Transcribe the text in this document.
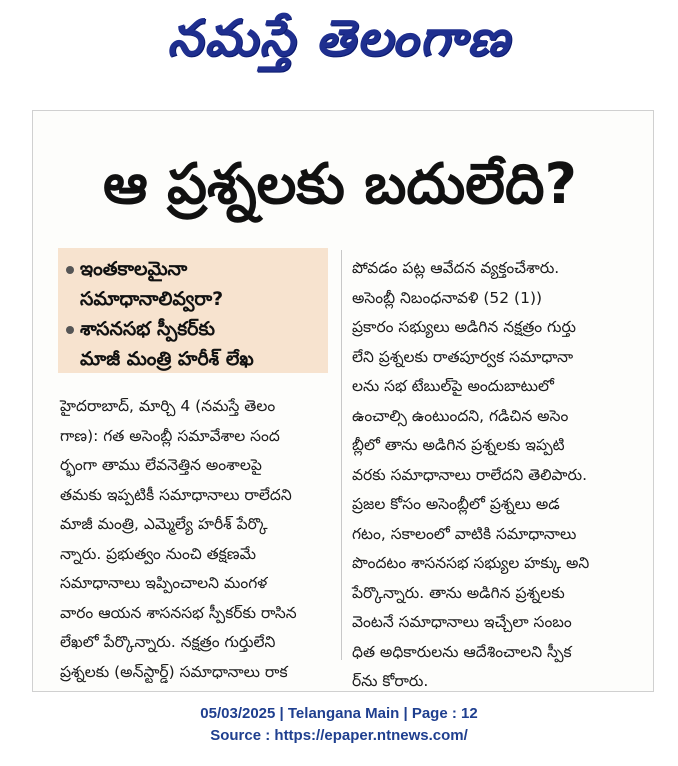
నమస్తే తెలంగాణ
ఆ ప్రశ్నలకు బదులేది?
ఇంతకాలమైనా
సమాధానాలివ్వరా?
శాసనసభ స్పీకర్‌కు
మాజీ మంత్రి హరీశ్‌ లేఖ
హైదరాబాద్‌, మార్చి 4 (నమస్తే తెలం
గాణ): గత అసెంబ్లీ సమావేశాల సంద
ర్భంగా తాము లేవనెత్తిన అంశాలపై
తమకు ఇప్పటికీ సమాధానాలు రాలేదని
మాజీ మంత్రి, ఎమ్మెల్యే హరీశ్‌ పేర్కొ
న్నారు. ప్రభుత్వం నుంచి తక్షణమే
సమాధానాలు ఇప్పించాలని మంగళ
వారం ఆయన శాసనసభ స్పీకర్‌కు రాసిన
లేఖలో పేర్కొన్నారు. నక్షత్రం గుర్తులేని
ప్రశ్నలకు (అన్‌స్టార్డ్‌) సమాధానాలు రాక
పోవడం పట్ల ఆవేదన వ్యక్తంచేశారు.
అసెంబ్లీ నిబంధనావళి (52 (1))
ప్రకారం సభ్యులు అడిగిన నక్షత్రం గుర్తు
లేని ప్రశ్నలకు రాతపూర్వక సమాధానా
లను సభ టేబుల్‌పై అందుబాటులో
ఉంచాల్సి ఉంటుందని, గడిచిన అసెం
బ్లీలో తాను అడిగిన ప్రశ్నలకు ఇప్పటి
వరకు సమాధానాలు రాలేదని తెలిపారు.
ప్రజల కోసం అసెంబ్లీలో ప్రశ్నలు అడ
గటం, సకాలంలో వాటికి సమాధానాలు
పొందటం శాసనసభ సభ్యుల హక్కు అని
పేర్కొన్నారు. తాను అడిగిన ప్రశ్నలకు
వెంటనే సమాధానాలు ఇచ్చేలా సంబం
ధిత అధికారులను ఆదేశించాలని స్పీక
ర్‌ను కోరారు.
05/03/2025 | Telangana Main | Page : 12
Source : https://epaper.ntnews.com/
